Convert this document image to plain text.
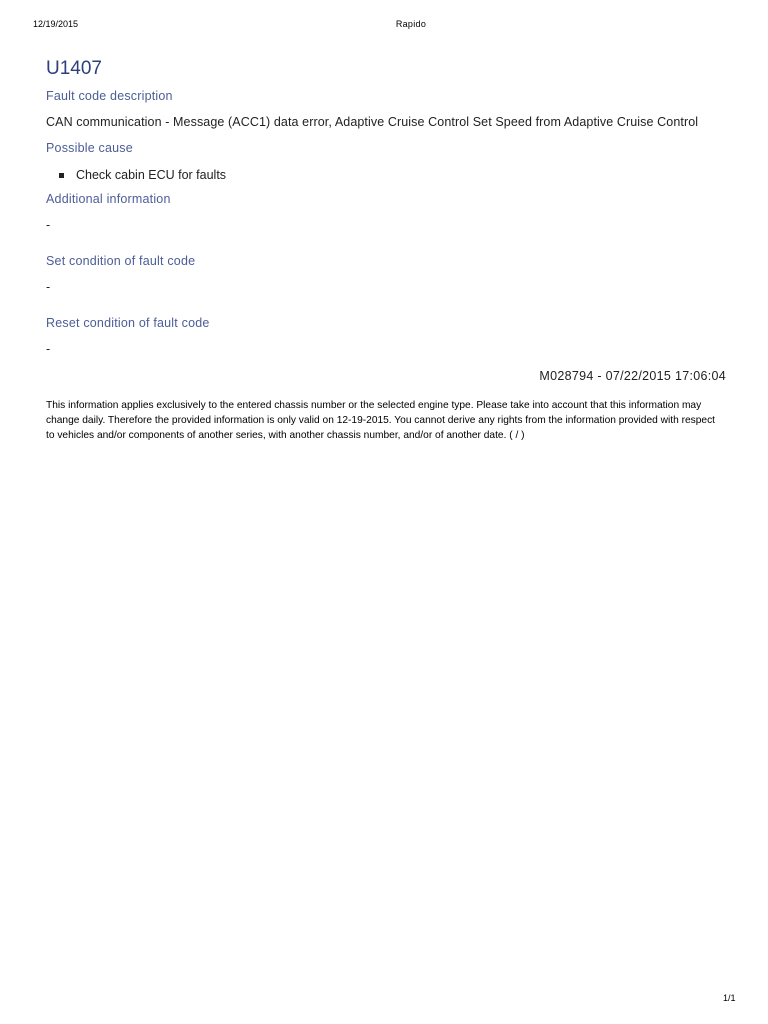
12/19/2015	Rapido
U1407
Fault code description
CAN communication - Message (ACC1) data error, Adaptive Cruise Control Set Speed from Adaptive Cruise Control
Possible cause
Check cabin ECU for faults
Additional information
-
Set condition of fault code
-
Reset condition of fault code
-
M028794 - 07/22/2015 17:06:04
This information applies exclusively to the entered chassis number or the selected engine type. Please take into account that this information may change daily. Therefore the provided information is only valid on 12-19-2015. You cannot derive any rights from the information provided with respect to vehicles and/or components of another series, with another chassis number, and/or of another date. ( / )
1/1
